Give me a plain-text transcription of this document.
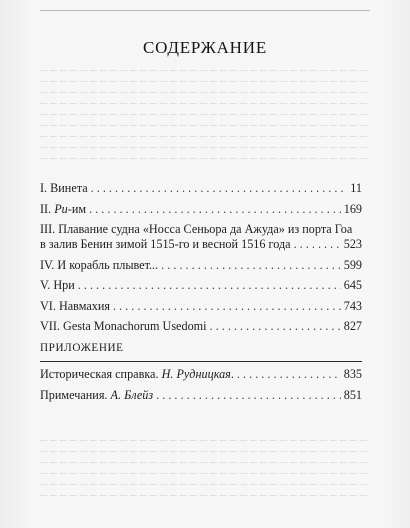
СОДЕРЖАНИЕ
I. Винета . . .	11
II. Ри-им . . .	169
III. Плавание судна «Носса Сеньора да Ажуда» из порта Гоа
в залив Бенин зимой 1515-го и весной 1516 года . . .	523
IV. И корабль плывет... . . .	599
V. Нри . . .	645
VI. Навмахия . . .	743
VII. Gesta Monachorum Usedomi . . .	827
ПРИЛОЖЕНИЕ
Историческая справка. Н. Рудницкая. . . .	835
Примечания. А. Блейз . . .	851
